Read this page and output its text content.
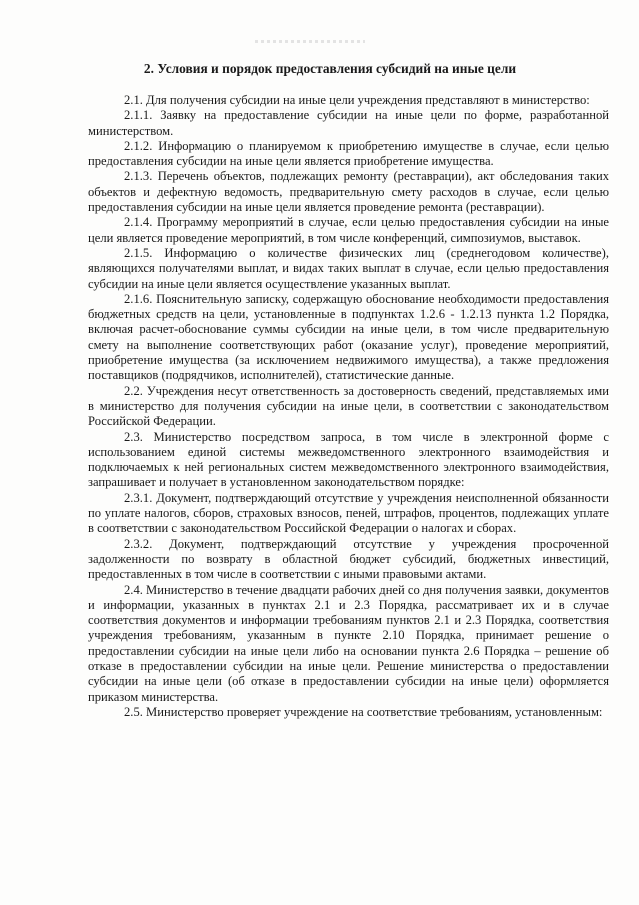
2. Условия и порядок предоставления субсидий на иные цели

2.1. Для получения субсидии на иные цели учреждения представляют в министерство:

2.1.1. Заявку на предоставление субсидии на иные цели по форме, разработанной министерством.

2.1.2. Информацию о планируемом к приобретению имуществе в случае, если целью предоставления субсидии на иные цели является приобретение имущества.

2.1.3. Перечень объектов, подлежащих ремонту (реставрации), акт обследования таких объектов и дефектную ведомость, предварительную смету расходов в случае, если целью предоставления субсидии на иные цели является проведение ремонта (реставрации).

2.1.4. Программу мероприятий в случае, если целью предоставления субсидии на иные цели является проведение мероприятий, в том числе конференций, симпозиумов, выставок.

2.1.5. Информацию о количестве физических лиц (среднегодовом количестве), являющихся получателями выплат, и видах таких выплат в случае, если целью предоставления субсидии на иные цели является осуществление указанных выплат.

2.1.6. Пояснительную записку, содержащую обоснование необходимости предоставления бюджетных средств на цели, установленные в подпунктах 1.2.6 - 1.2.13 пункта 1.2 Порядка, включая расчет-обоснование суммы субсидии на иные цели, в том числе предварительную смету на выполнение соответствующих работ (оказание услуг), проведение мероприятий, приобретение имущества (за исключением недвижимого имущества), а также предложения поставщиков (подрядчиков, исполнителей), статистические данные.

2.2. Учреждения несут ответственность за достоверность сведений, представляемых ими в министерство для получения субсидии на иные цели, в соответствии с законодательством Российской Федерации.

2.3. Министерство посредством запроса, в том числе в электронной форме с использованием единой системы межведомственного электронного взаимодействия и подключаемых к ней региональных систем межведомственного электронного взаимодействия, запрашивает и получает в установленном законодательством порядке:

2.3.1. Документ, подтверждающий отсутствие у учреждения неисполненной обязанности по уплате налогов, сборов, страховых взносов, пеней, штрафов, процентов, подлежащих уплате в соответствии с законодательством Российской Федерации о налогах и сборах.

2.3.2. Документ, подтверждающий отсутствие у учреждения просроченной задолженности по возврату в областной бюджет субсидий, бюджетных инвестиций, предоставленных в том числе в соответствии с иными правовыми актами.

2.4. Министерство в течение двадцати рабочих дней со дня получения заявки, документов и информации, указанных в пунктах 2.1 и 2.3 Порядка, рассматривает их и в случае соответствия документов и информации требованиям пунктов 2.1 и 2.3 Порядка, соответствия учреждения требованиям, указанным в пункте 2.10 Порядка, принимает решение о предоставлении субсидии на иные цели либо на основании пункта 2.6 Порядка – решение об отказе в предоставлении субсидии на иные цели. Решение министерства о предоставлении субсидии на иные цели (об отказе в предоставлении субсидии на иные цели) оформляется приказом министерства.

2.5. Министерство проверяет учреждение на соответствие требованиям, установленным:
